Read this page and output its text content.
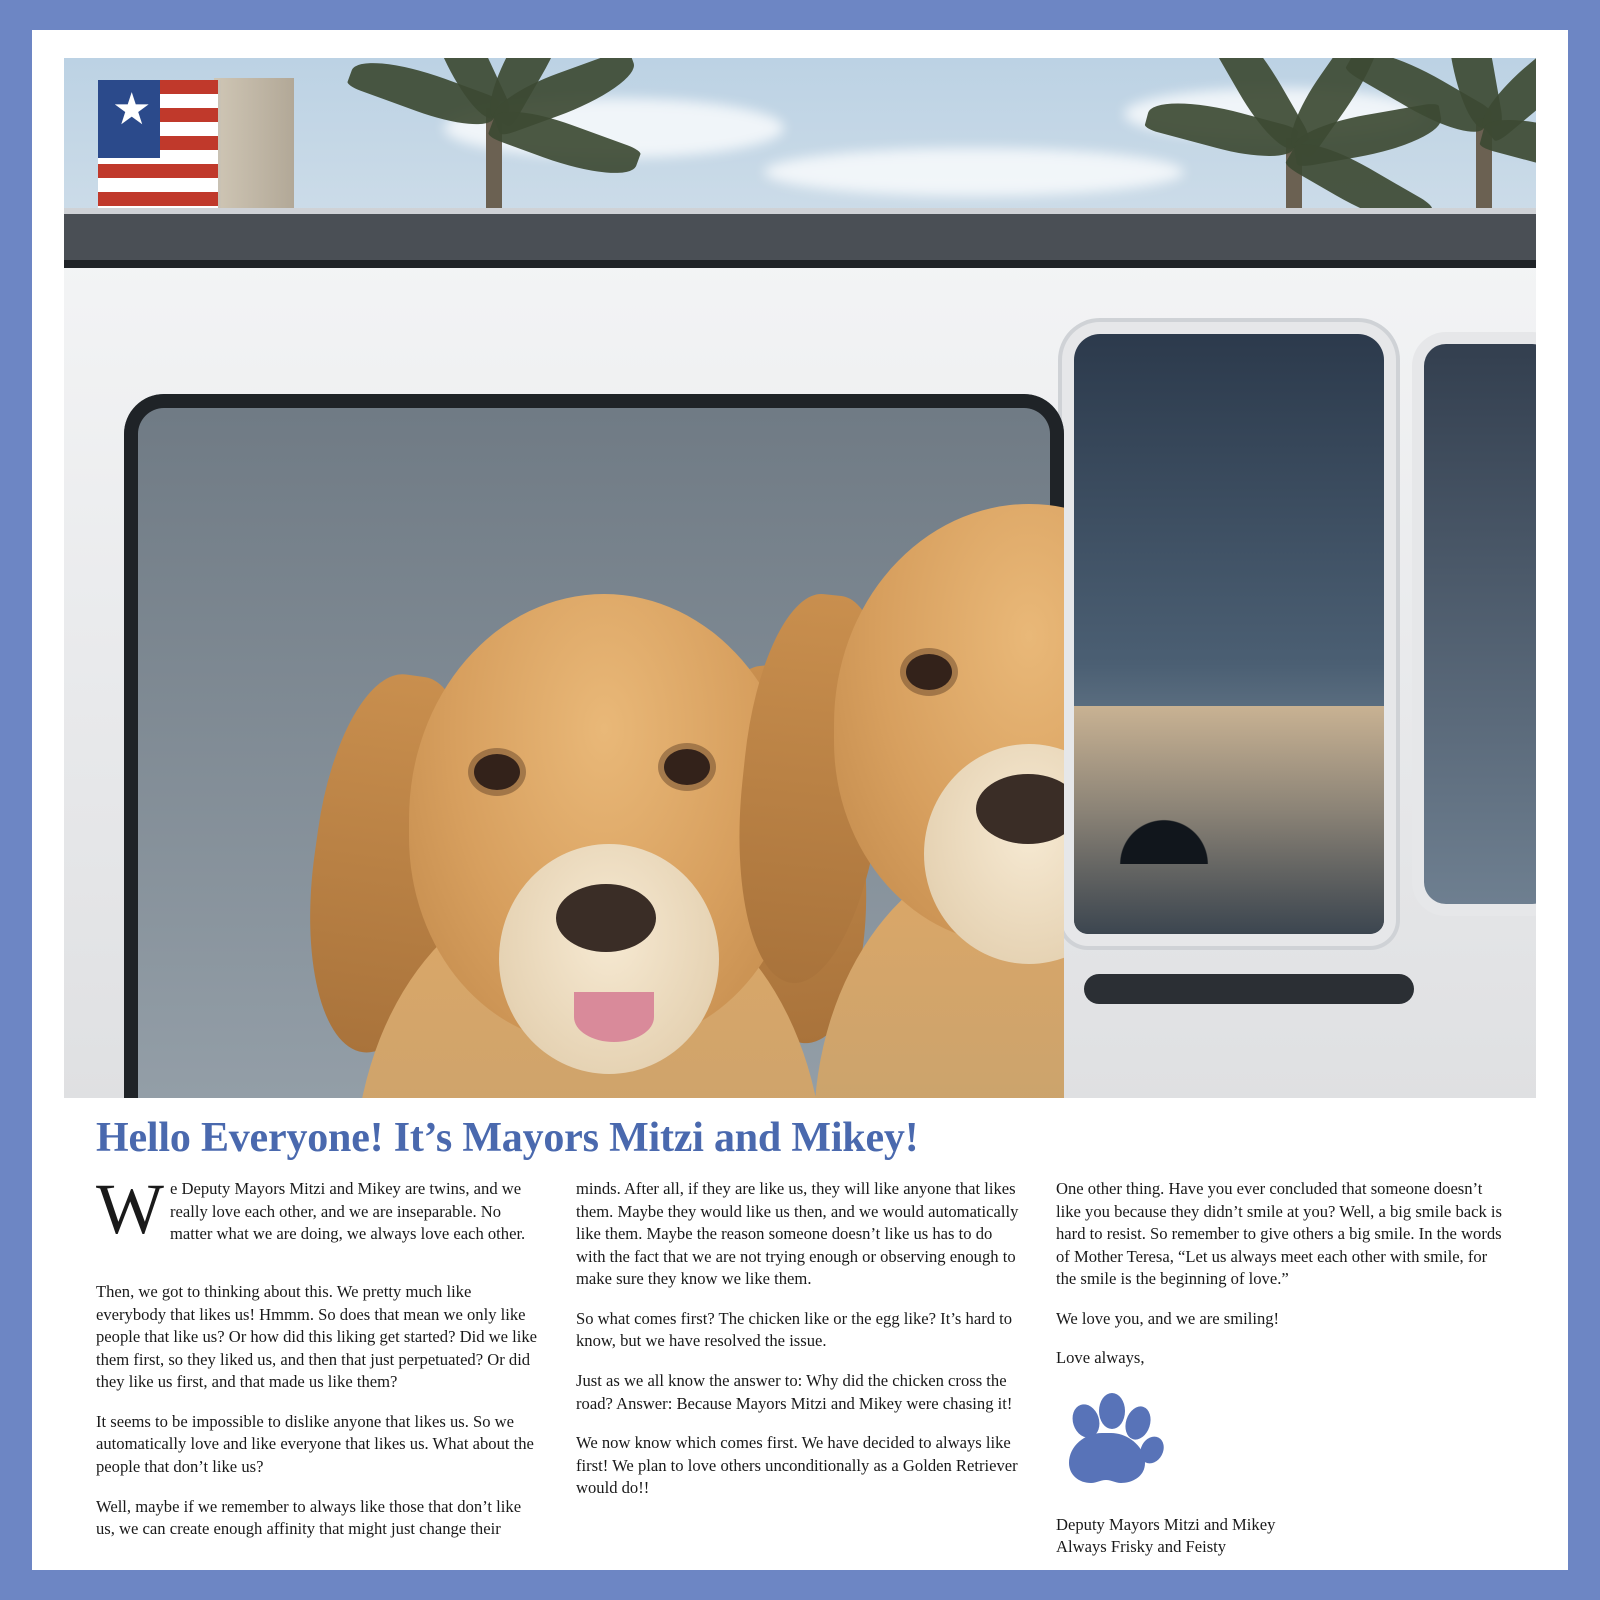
★
Hello Everyone! It’s Mayors Mitzi and Mikey!

We Deputy Mayors Mitzi and Mikey are twins, and we really love each other, and we are inseparable. No matter what we are doing, we always love each other.

Then, we got to thinking about this. We pretty much like everybody that likes us! Hmmm. So does that mean we only like people that like us? Or how did this liking get started? Did we like them first, so they liked us, and then that just perpetuated? Or did they like us first, and that made us like them?

It seems to be impossible to dislike anyone that likes us. So we automatically love and like everyone that likes us. What about the people that don’t like us?

Well, maybe if we remember to always like those that don’t like us, we can create enough affinity that might just change their

minds. After all, if they are like us, they will like anyone that likes them. Maybe they would like us then, and we would automatically like them. Maybe the reason someone doesn’t like us has to do with the fact that we are not trying enough or observing enough to make sure they know we like them.

So what comes first? The chicken like or the egg like? It’s hard to know, but we have resolved the issue.

Just as we all know the answer to: Why did the chicken cross the road? Answer: Because Mayors Mitzi and Mikey were chasing it!

We now know which comes first. We have decided to always like first! We plan to love others unconditionally as a Golden Retriever would do!!

One other thing. Have you ever concluded that someone doesn’t like you because they didn’t smile at you? Well, a big smile back is hard to resist. So remember to give others a big smile. In the words of Mother Teresa, “Let us always meet each other with smile, for the smile is the beginning of love.”

We love you, and we are smiling!

Love always,

Deputy Mayors Mitzi and Mikey
Always Frisky and Feisty
